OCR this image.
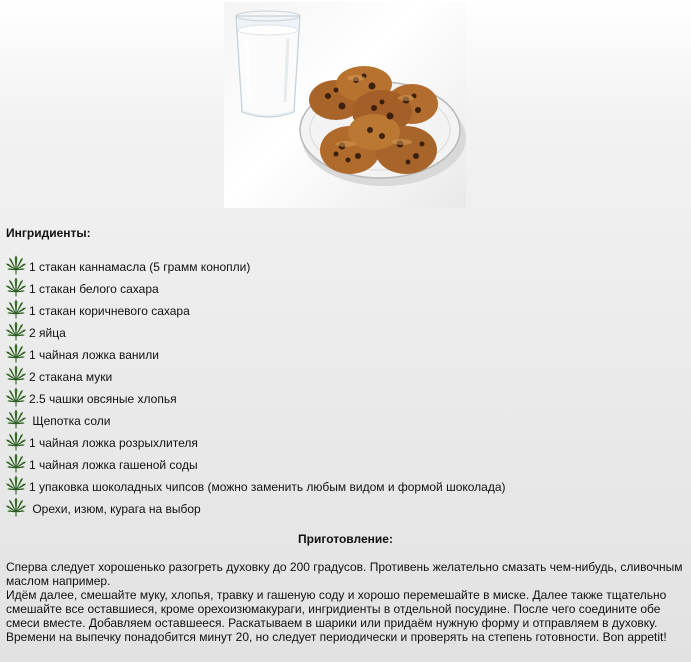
Ингридиенты:
1 стакан каннамасла (5 грамм конопли)
1 стакан белого сахара
1 стакан коричневого сахара
2 яйца
1 чайная ложка ванили
2 стакана муки
2.5 чашки овсяные хлопья
Щепотка соли
1 чайная ложка розрыхлителя
1 чайная ложка гашеной соды
1 упаковка шоколадных чипсов (можно заменить любым видом и формой шоколада)
Орехи, изюм, курага на выбор
Приготовление:

Сперва следует хорошенько разогреть духовку до 200 градусов. Противень желательно смазать чем-нибудь, сливочным маслом например.

Идём далее, смешайте муку, хлопья, травку и гашеную соду и хорошо перемешайте в миске. Далее также тщательно смешайте все оставшиеся, кроме орехоизюмакураги, ингридиенты в отдельной посудине. После чего соедините обе смеси вместе. Добавляем оставшееся. Раскатываем в шарики или придаём нужную форму и отправляем в духовку. Времени на выпечку понадобится минут 20, но следует периодически и проверять на степень готовности. Bon appetit!
